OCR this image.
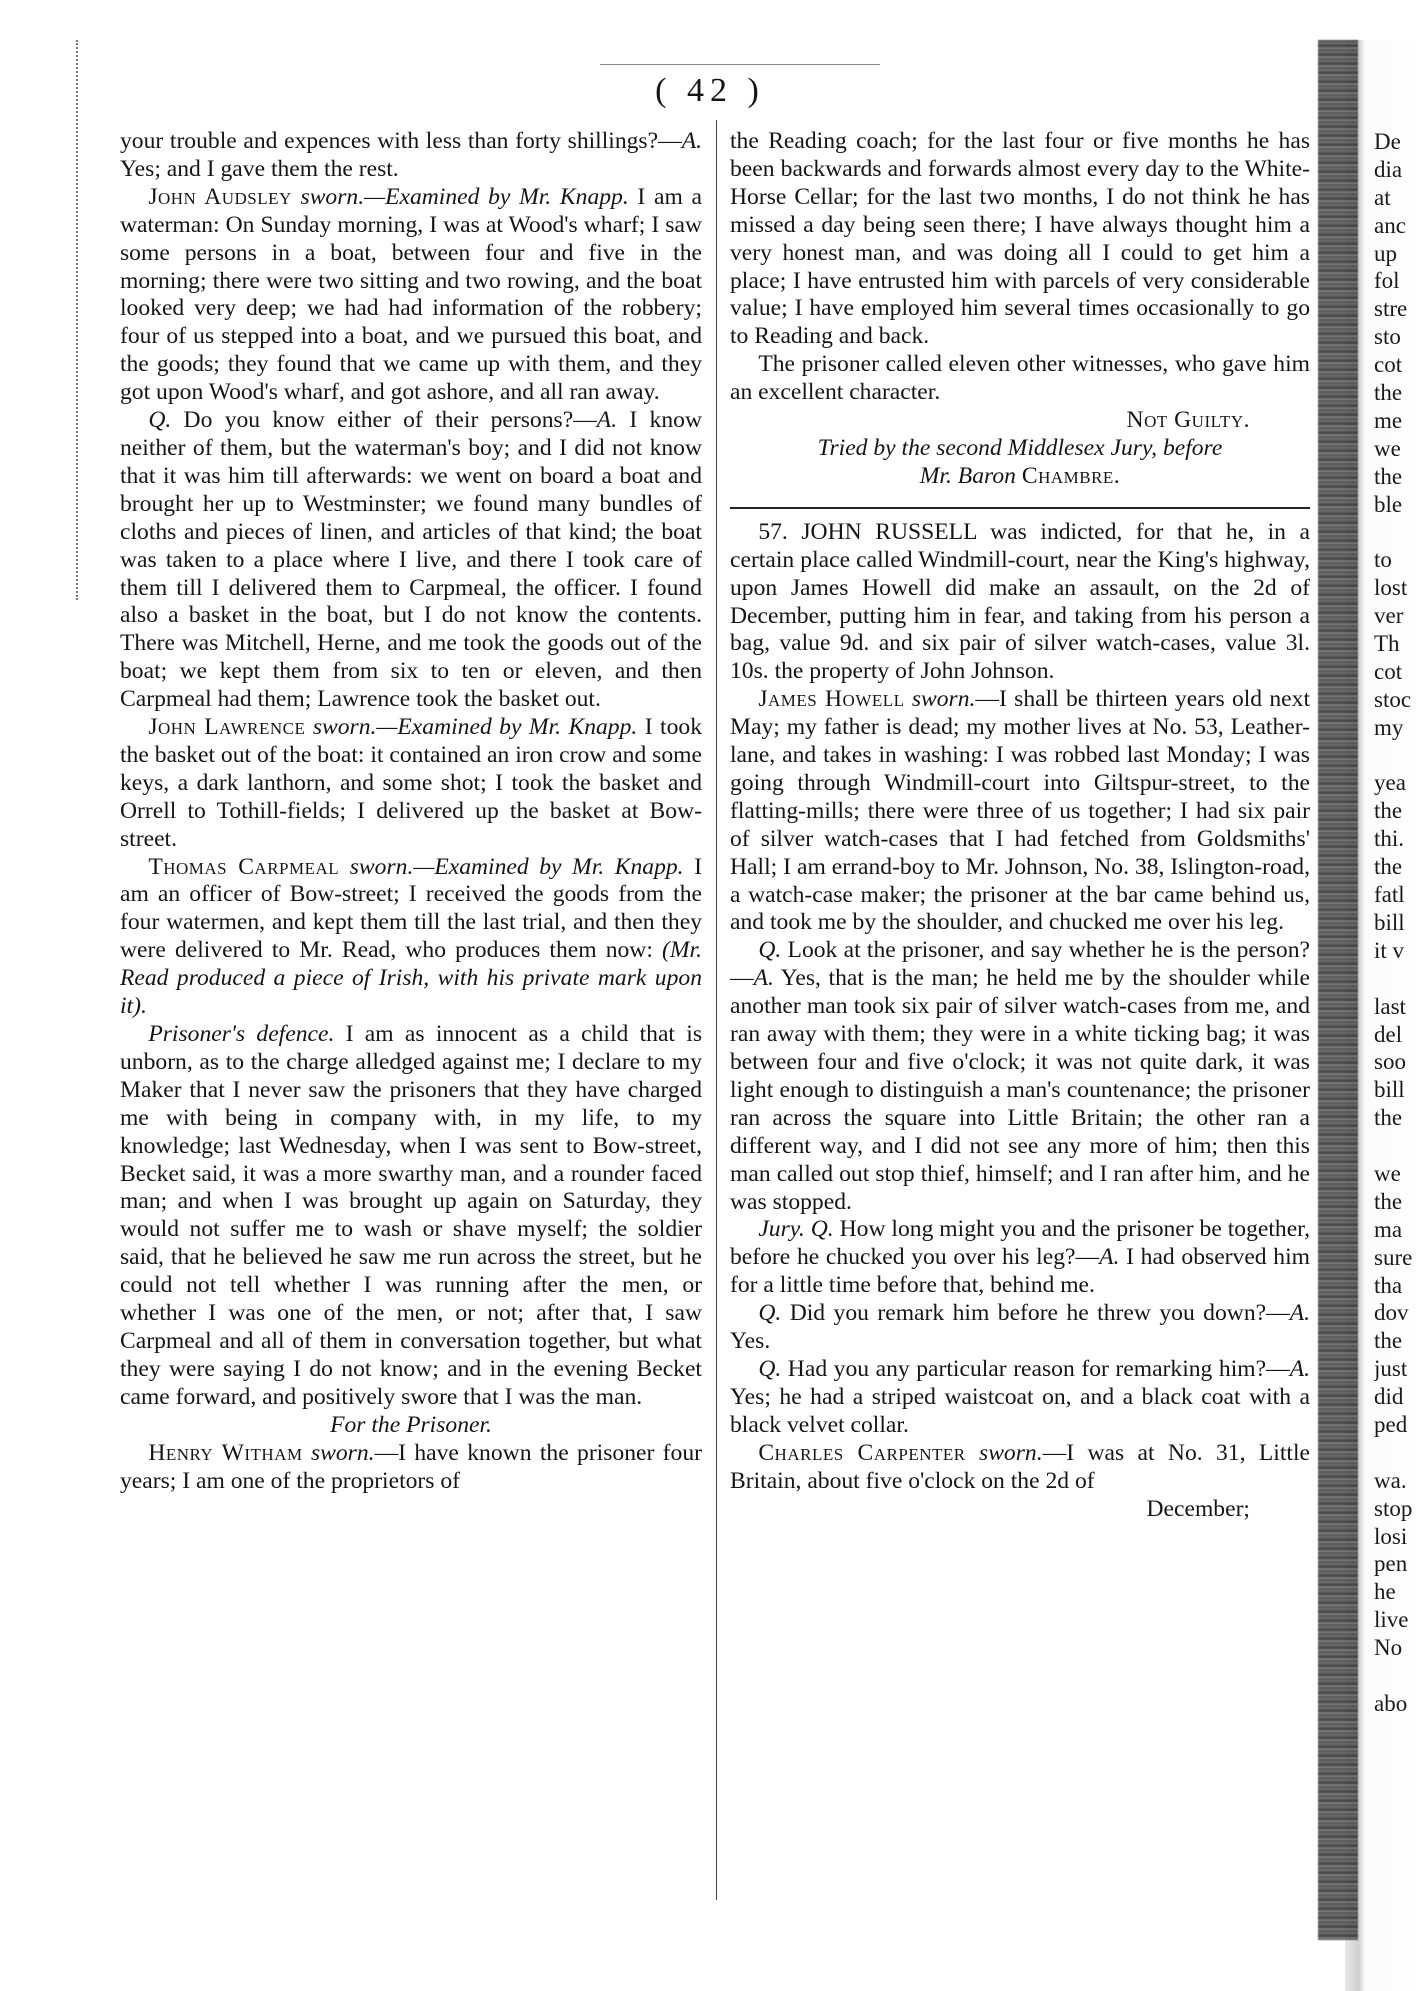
( 42 )

your trouble and expences with less than forty shillings?—A. Yes; and I gave them the rest.

John Audsley sworn.—Examined by Mr. Knapp. I am a waterman: On Sunday morning, I was at Wood's wharf; I saw some persons in a boat, between four and five in the morning; there were two sitting and two rowing, and the boat looked very deep; we had had information of the robbery; four of us stepped into a boat, and we pursued this boat, and the goods; they found that we came up with them, and they got upon Wood's wharf, and got ashore, and all ran away.

Q. Do you know either of their persons?—A. I know neither of them, but the waterman's boy; and I did not know that it was him till afterwards: we went on board a boat and brought her up to Westminster; we found many bundles of cloths and pieces of linen, and articles of that kind; the boat was taken to a place where I live, and there I took care of them till I delivered them to Carpmeal, the officer. I found also a basket in the boat, but I do not know the contents. There was Mitchell, Herne, and me took the goods out of the boat; we kept them from six to ten or eleven, and then Carpmeal had them; Lawrence took the basket out.

John Lawrence sworn.—Examined by Mr. Knapp. I took the basket out of the boat: it contained an iron crow and some keys, a dark lanthorn, and some shot; I took the basket and Orrell to Tothill-fields; I delivered up the basket at Bow-street.

Thomas Carpmeal sworn.—Examined by Mr. Knapp. I am an officer of Bow-street; I received the goods from the four watermen, and kept them till the last trial, and then they were delivered to Mr. Read, who produces them now: (Mr. Read produced a piece of Irish, with his private mark upon it).

Prisoner's defence. I am as innocent as a child that is unborn, as to the charge alledged against me; I declare to my Maker that I never saw the prisoners that they have charged me with being in company with, in my life, to my knowledge; last Wednesday, when I was sent to Bow-street, Becket said, it was a more swarthy man, and a rounder faced man; and when I was brought up again on Saturday, they would not suffer me to wash or shave myself; the soldier said, that he believed he saw me run across the street, but he could not tell whether I was running after the men, or whether I was one of the men, or not; after that, I saw Carpmeal and all of them in conversation together, but what they were saying I do not know; and in the evening Becket came forward, and positively swore that I was the man.

For the Prisoner.

Henry Witham sworn.—I have known the prisoner four years; I am one of the proprietors of

the Reading coach; for the last four or five months he has been backwards and forwards almost every day to the White-Horse Cellar; for the last two months, I do not think he has missed a day being seen there; I have always thought him a very honest man, and was doing all I could to get him a place; I have entrusted him with parcels of very considerable value; I have employed him several times occasionally to go to Reading and back.

The prisoner called eleven other witnesses, who gave him an excellent character.

Not Guilty.

Tried by the second Middlesex Jury, before
Mr. Baron Chambre.

57. JOHN RUSSELL was indicted, for that he, in a certain place called Windmill-court, near the King's highway, upon James Howell did make an assault, on the 2d of December, putting him in fear, and taking from his person a bag, value 9d. and six pair of silver watch-cases, value 3l. 10s. the property of John Johnson.

James Howell sworn.—I shall be thirteen years old next May; my father is dead; my mother lives at No. 53, Leather-lane, and takes in washing: I was robbed last Monday; I was going through Windmill-court into Giltspur-street, to the flatting-mills; there were three of us together; I had six pair of silver watch-cases that I had fetched from Goldsmiths' Hall; I am errand-boy to Mr. Johnson, No. 38, Islington-road, a watch-case maker; the prisoner at the bar came behind us, and took me by the shoulder, and chucked me over his leg.

Q. Look at the prisoner, and say whether he is the person?—A. Yes, that is the man; he held me by the shoulder while another man took six pair of silver watch-cases from me, and ran away with them; they were in a white ticking bag; it was between four and five o'clock; it was not quite dark, it was light enough to distinguish a man's countenance; the prisoner ran across the square into Little Britain; the other ran a different way, and I did not see any more of him; then this man called out stop thief, himself; and I ran after him, and he was stopped.

Jury. Q. How long might you and the prisoner be together, before he chucked you over his leg?—A. I had observed him for a little time before that, behind me.

Q. Did you remark him before he threw you down?—A. Yes.

Q. Had you any particular reason for remarking him?—A. Yes; he had a striped waistcoat on, and a black coat with a black velvet collar.

Charles Carpenter sworn.—I was at No. 31, Little Britain, about five o'clock on the 2d of

December;

De
dia
at
anc
up
fol
stre
sto
cot
the
me
we
the
ble
to
lost
ver
Th
cot
stoc
my
yea
the
thi.
the
fatl
bill
it v
last
del
soo
bill
the
we
the
ma
sure
tha
dov
the
just
did
ped
wa.
stop
losi
pen
he
live
No
abo
